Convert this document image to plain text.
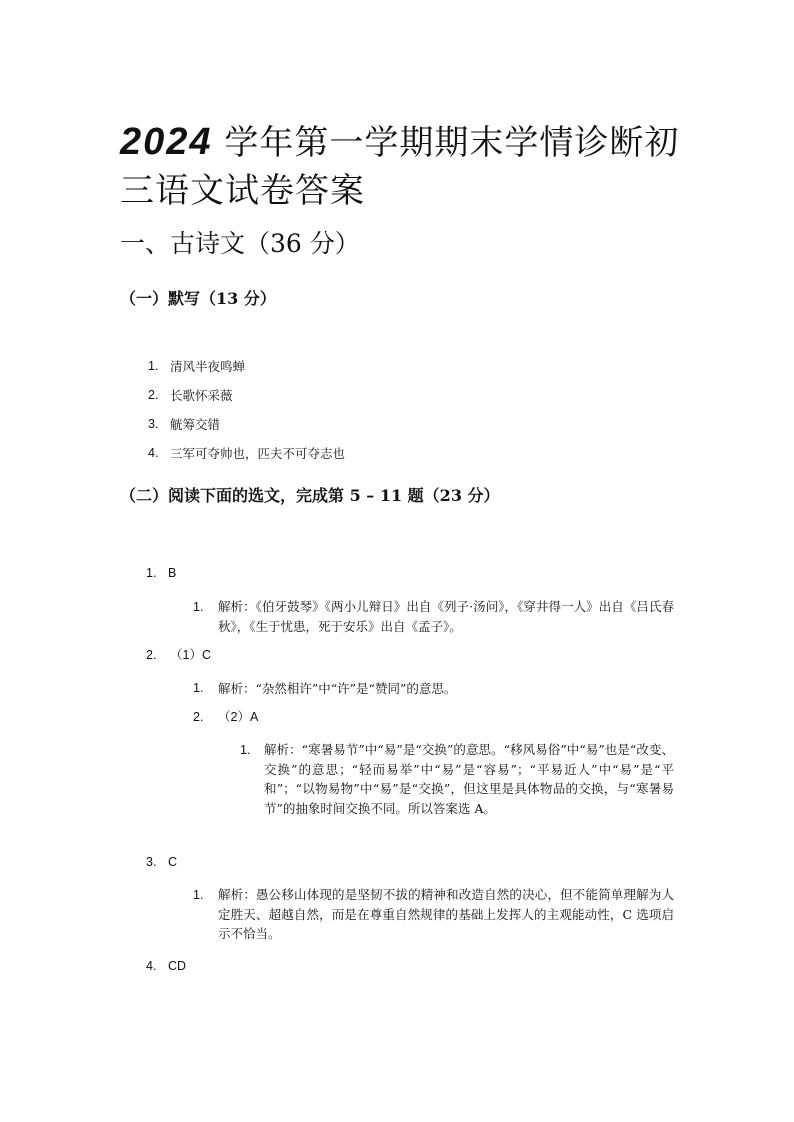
2024 学年第一学期期末学情诊断初
三语文试卷答案
一、古诗文（36 分）
（一）默写（13 分）
1. 清风半夜鸣蝉
2. 长歌怀采薇
3. 觥筹交错
4. 三军可夺帅也，匹夫不可夺志也
（二）阅读下面的选文，完成第 5 – 11 题（23 分）
1. B
1. 解析：《伯牙鼓琴》《两小儿辩日》出自《列子·汤问》，《穿井得一人》出自《吕氏春秋》，《生于忧患，死于安乐》出自《孟子》。
2. （1）C
1. 解析：“杂然相许”中“许”是“赞同”的意思。
2. （2）A
1. 解析：“寒暑易节”中“易”是“交换”的意思。“移风易俗”中“易”也是“改变、交换”的意思；“轻而易举”中“易”是“容易”；“平易近人”中“易”是“平和”；“以物易物”中“易”是“交换”，但这里是具体物品的交换，与“寒暑易节”的抽象时间交换不同。所以答案选 A。
3. C
1. 解析：愚公移山体现的是坚韧不拔的精神和改造自然的决心，但不能简单理解为人定胜天、超越自然，而是在尊重自然规律的基础上发挥人的主观能动性，C 选项启示不恰当。
4. CD
